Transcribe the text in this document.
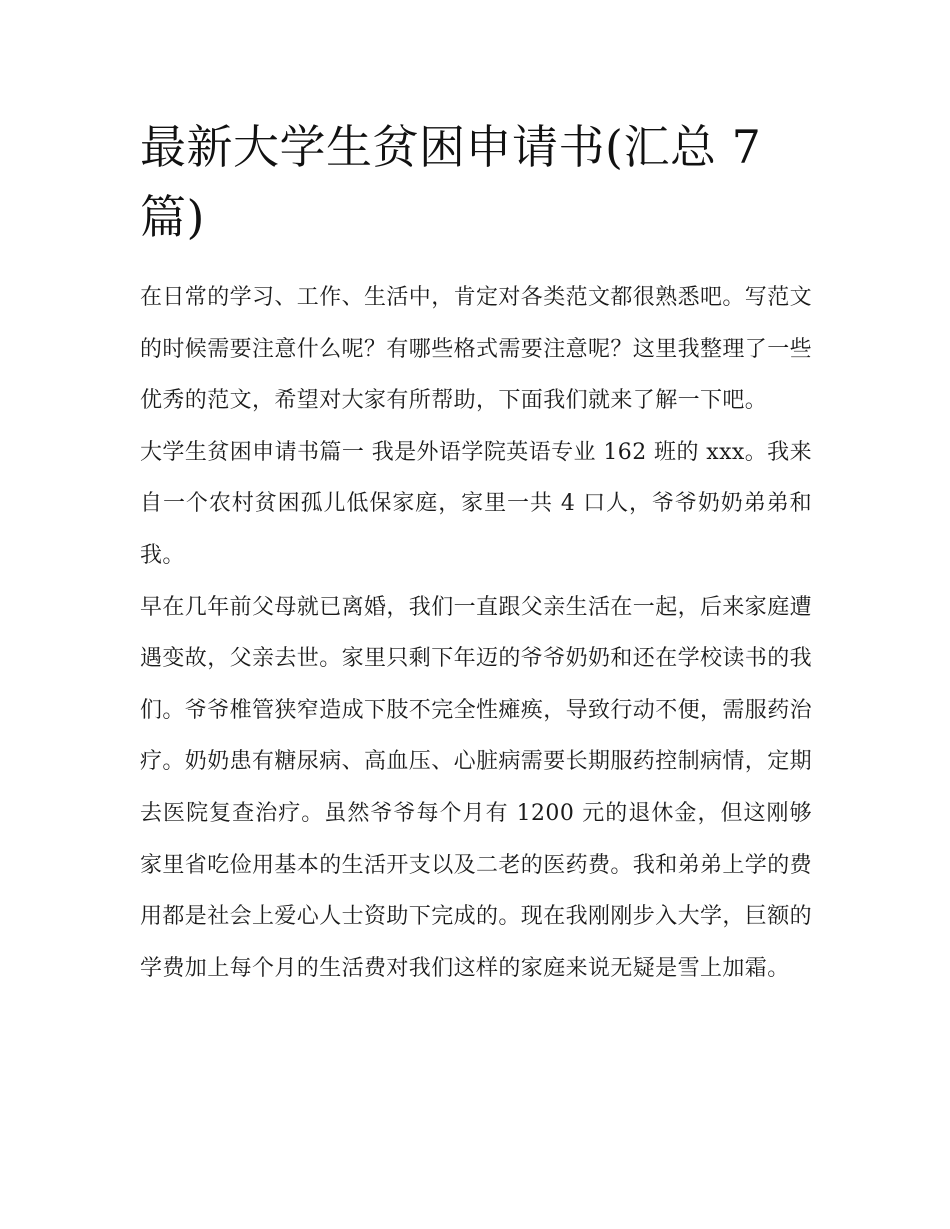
最新大学生贫困申请书(汇总 7 篇)

在日常的学习、工作、生活中，肯定对各类范文都很熟悉吧。写范文的时候需要注意什么呢？有哪些格式需要注意呢？这里我整理了一些优秀的范文，希望对大家有所帮助，下面我们就来了解一下吧。

大学生贫困申请书篇一 我是外语学院英语专业 162 班的 xxx。我来自一个农村贫困孤儿低保家庭，家里一共 4 口人，爷爷奶奶弟弟和我。

早在几年前父母就已离婚，我们一直跟父亲生活在一起，后来家庭遭遇变故，父亲去世。家里只剩下年迈的爷爷奶奶和还在学校读书的我们。爷爷椎管狭窄造成下肢不完全性瘫痪，导致行动不便，需服药治疗。奶奶患有糖尿病、高血压、心脏病需要长期服药控制病情，定期去医院复查治疗。虽然爷爷每个月有 1200 元的退休金，但这刚够家里省吃俭用基本的生活开支以及二老的医药费。我和弟弟上学的费用都是社会上爱心人士资助下完成的。现在我刚刚步入大学，巨额的学费加上每个月的生活费对我们这样的家庭来说无疑是雪上加霜。
